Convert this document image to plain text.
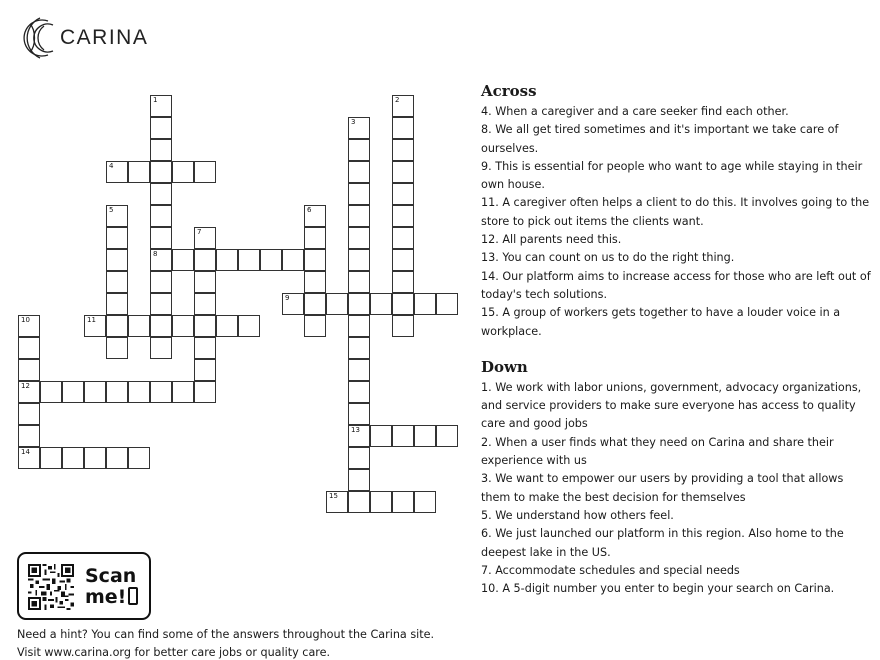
CARINA
1
8
2
3
13
4
5	6
7
9
10
12
14
11
15
Across
4. When a caregiver and a care seeker find each other.
8. We all get tired sometimes and it's important we take care of ourselves.
9. This is essential for people who want to age while staying in their own house.
11. A caregiver often helps a client to do this. It involves going to the store to pick out items the clients want.
12. All parents need this.
13. You can count on us to do the right thing.
14. Our platform aims to increase access for those who are left out of today's tech solutions.
15. A group of workers gets together to have a louder voice in a workplace.
Down
1. We work with labor unions, government, advocacy organizations, and service providers to make sure everyone has access to quality care and good jobs
2. When a user finds what they need on Carina and share their experience with us
3. We want to empower our users by providing a tool that allows them to make the best decision for themselves
5. We understand how others feel.
6. We just launched our platform in this region. Also home to the deepest lake in the US.
7. Accommodate schedules and special needs
10. A 5-digit number you enter to begin your search on Carina.
Scan
me!
Need a hint? You can find some of the answers throughout the Carina site.
Visit www.carina.org for better care jobs or quality care.
